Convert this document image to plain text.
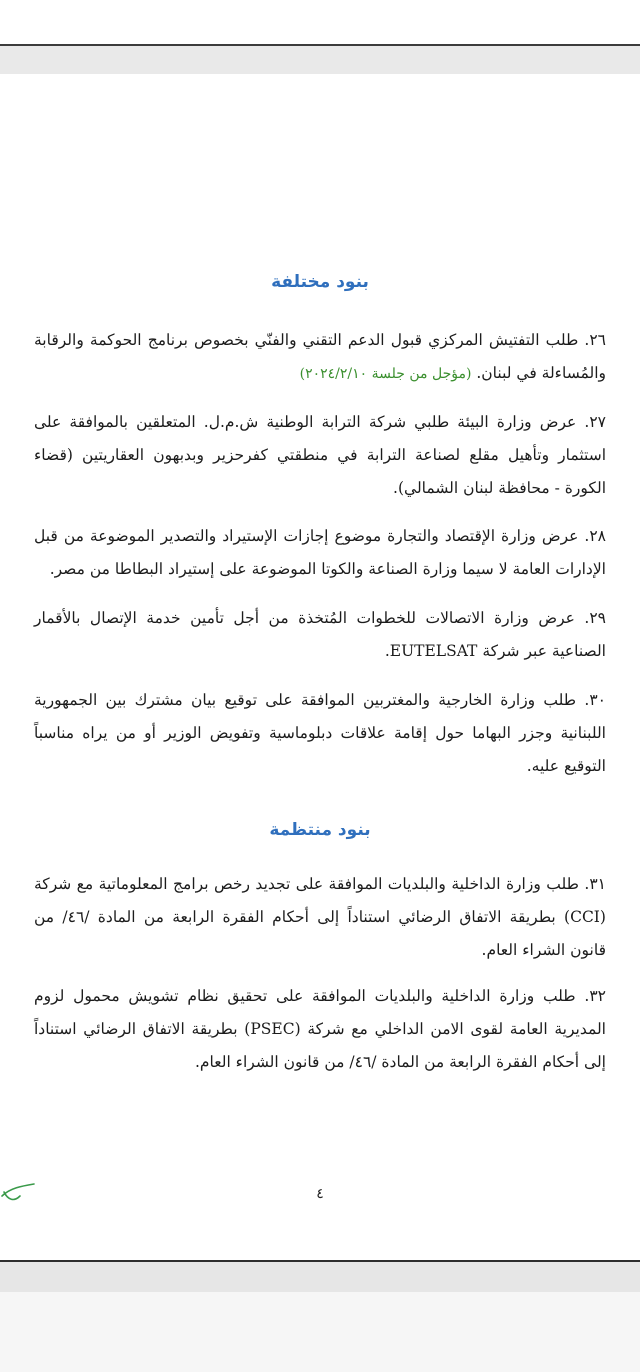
بنود مختلفة
٢٦. طلب التفتيش المركزي قبول الدعم التقني والفنّي بخصوص برنامج الحوكمة والرقابة والمُساءلة في لبنان. (مؤجل من جلسة ٢٠٢٤/٢/١٠)
٢٧. عرض وزارة البيئة طلبي شركة الترابة الوطنية ش.م.ل. المتعلقين بالموافقة على استثمار وتأهيل مقلع لصناعة الترابة في منطقتي كفرحزير وبدبهون العقاريتين (قضاء الكورة - محافظة لبنان الشمالي).
٢٨. عرض وزارة الإقتصاد والتجارة موضوع إجازات الإستيراد والتصدير الموضوعة من قبل الإدارات العامة لا سيما وزارة الصناعة والكوتا الموضوعة على إستيراد البطاطا من مصر.
٢٩. عرض وزارة الاتصالات للخطوات المُتخذة من أجل تأمين خدمة الإتصال بالأقمار الصناعية عبر شركة EUTELSAT.
٣٠. طلب وزارة الخارجية والمغتربين الموافقة على توقيع بيان مشترك بين الجمهورية اللبنانية وجزر البهاما حول إقامة علاقات دبلوماسية وتفويض الوزير أو من يراه مناسباً التوقيع عليه.
بنود منتظمة
٣١. طلب وزارة الداخلية والبلديات الموافقة على تجديد رخص برامج المعلوماتية مع شركة (CCI) بطريقة الاتفاق الرضائي استناداً إلى أحكام الفقرة الرابعة من المادة /٤٦/ من قانون الشراء العام.
٣٢. طلب وزارة الداخلية والبلديات الموافقة على تحقيق نظام تشويش محمول لزوم المديرية العامة لقوى الامن الداخلي مع شركة (PSEC) بطريقة الاتفاق الرضائي استناداً إلى أحكام الفقرة الرابعة من المادة /٤٦/ من قانون الشراء العام.
٤
